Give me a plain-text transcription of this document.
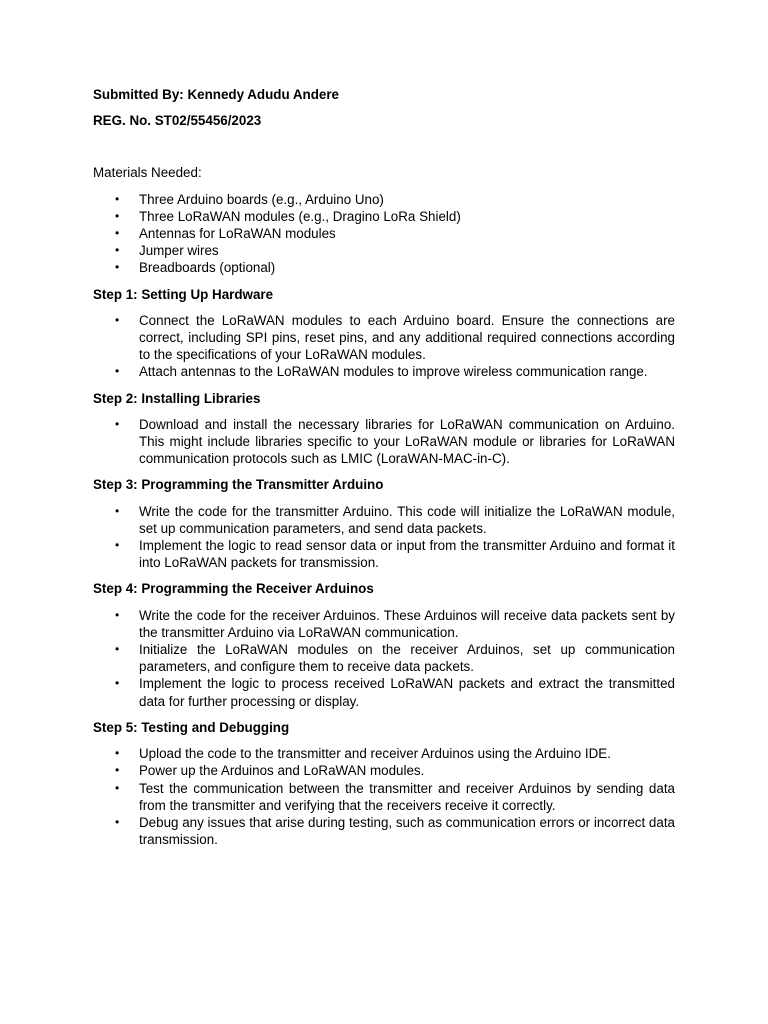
Submitted By: Kennedy Adudu Andere

REG. No. ST02/55456/2023

Materials Needed:

• Three Arduino boards (e.g., Arduino Uno)
• Three LoRaWAN modules (e.g., Dragino LoRa Shield)
• Antennas for LoRaWAN modules
• Jumper wires
• Breadboards (optional)
Step 1: Setting Up Hardware
• Connect the LoRaWAN modules to each Arduino board. Ensure the connections are correct, including SPI pins, reset pins, and any additional required connections according to the specifications of your LoRaWAN modules.
• Attach antennas to the LoRaWAN modules to improve wireless communication range.
Step 2: Installing Libraries
• Download and install the necessary libraries for LoRaWAN communication on Arduino. This might include libraries specific to your LoRaWAN module or libraries for LoRaWAN communication protocols such as LMIC (LoraWAN-MAC-in-C).
Step 3: Programming the Transmitter Arduino
• Write the code for the transmitter Arduino. This code will initialize the LoRaWAN module, set up communication parameters, and send data packets.
• Implement the logic to read sensor data or input from the transmitter Arduino and format it into LoRaWAN packets for transmission.
Step 4: Programming the Receiver Arduinos
• Write the code for the receiver Arduinos. These Arduinos will receive data packets sent by the transmitter Arduino via LoRaWAN communication.
• Initialize the LoRaWAN modules on the receiver Arduinos, set up communication parameters, and configure them to receive data packets.
• Implement the logic to process received LoRaWAN packets and extract the transmitted data for further processing or display.
Step 5: Testing and Debugging
• Upload the code to the transmitter and receiver Arduinos using the Arduino IDE.
• Power up the Arduinos and LoRaWAN modules.
• Test the communication between the transmitter and receiver Arduinos by sending data from the transmitter and verifying that the receivers receive it correctly.
• Debug any issues that arise during testing, such as communication errors or incorrect data transmission.
